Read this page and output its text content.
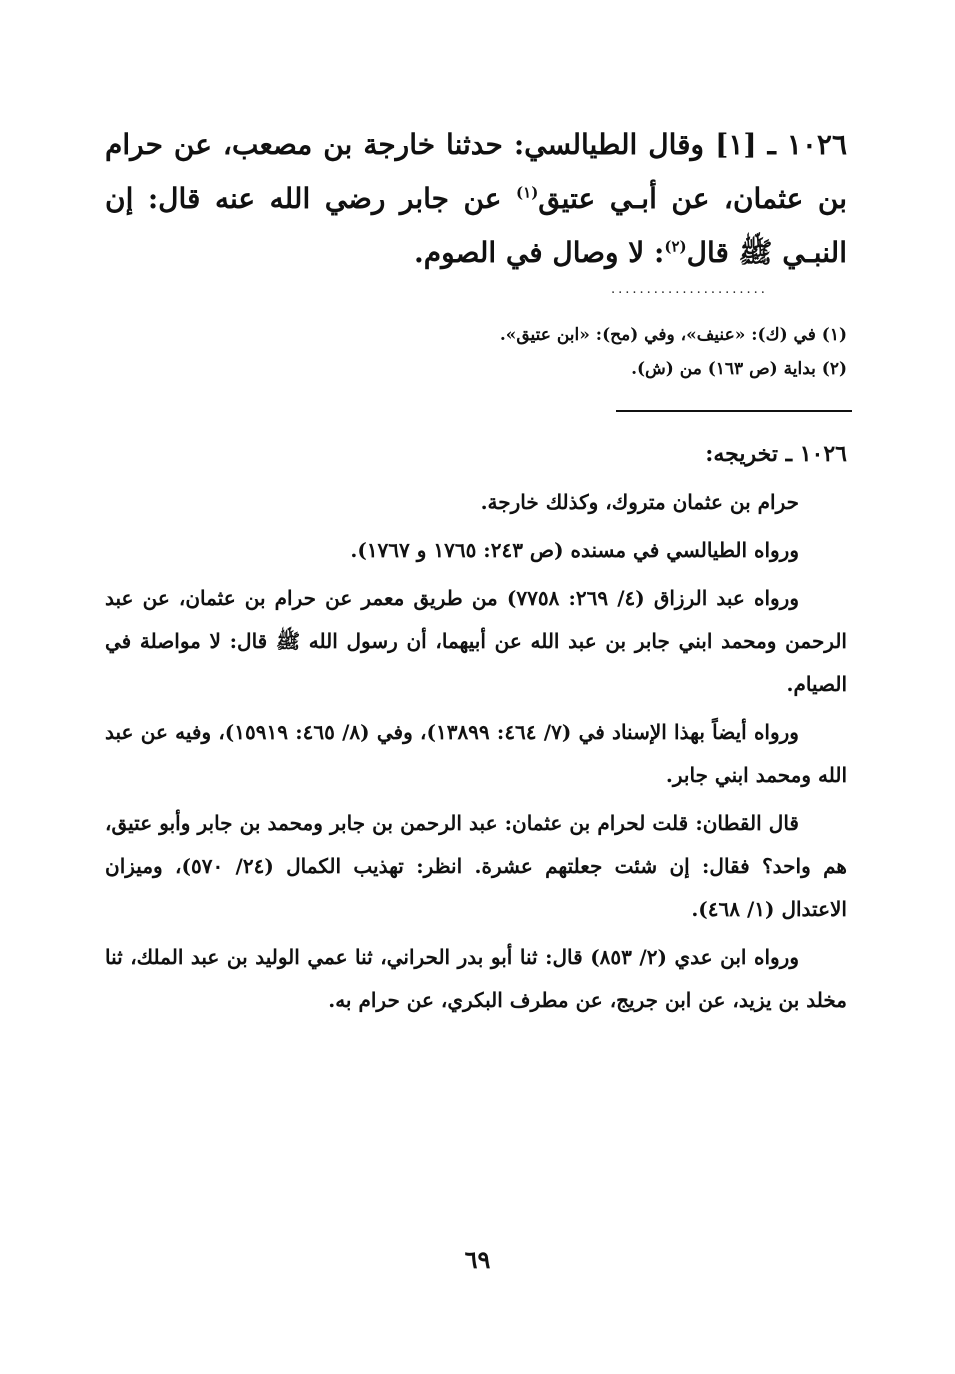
١٠٢٦ ـ [١] وقال الطيالسي: حدثنا خارجة بن مصعب، عن حرام بن عثمان، عن أبـي عتيق$^{(١)}$ عن جابر رضي الله عنه قال: إن النبـي ﷺ قال$^{(٢)}$: لا وصال في الصوم.

......................

(١) في (ك): «عنيف»، وفي (مح): «ابن عتيق».

(٢) بداية (ص ١٦٣) من (ش).

١٠٢٦ ـ تخريجه:

حرام بن عثمان متروك، وكذلك خارجة.

ورواه الطيالسي في مسنده (ص ٢٤٣: ١٧٦٥ و ١٧٦٧).

ورواه عبد الرزاق (٤/ ٢٦٩: ٧٧٥٨) من طريق معمر عن حرام بن عثمان، عن عبد الرحمن ومحمد ابني جابر بن عبد الله عن أبيهما، أن رسول الله ﷺ قال: لا مواصلة في الصيام.

ورواه أيضاً بهذا الإسناد في (٧/ ٤٦٤: ١٣٨٩٩)، وفي (٨/ ٤٦٥: ١٥٩١٩)، وفيه عن عبد الله ومحمد ابني جابر.

قال القطان: قلت لحرام بن عثمان: عبد الرحمن بن جابر ومحمد بن جابر وأبو عتيق، هم واحد؟ فقال: إن شئت جعلتهم عشرة. انظر: تهذيب الكمال (٢٤/ ٥٧٠)، وميزان الاعتدال (١/ ٤٦٨).

ورواه ابن عدي (٢/ ٨٥٣) قال: ثنا أبو بدر الحراني، ثنا عمي الوليد بن عبد الملك، ثنا مخلد بن يزيد، عن ابن جريج، عن مطرف البكري، عن حرام به.

٦٩
